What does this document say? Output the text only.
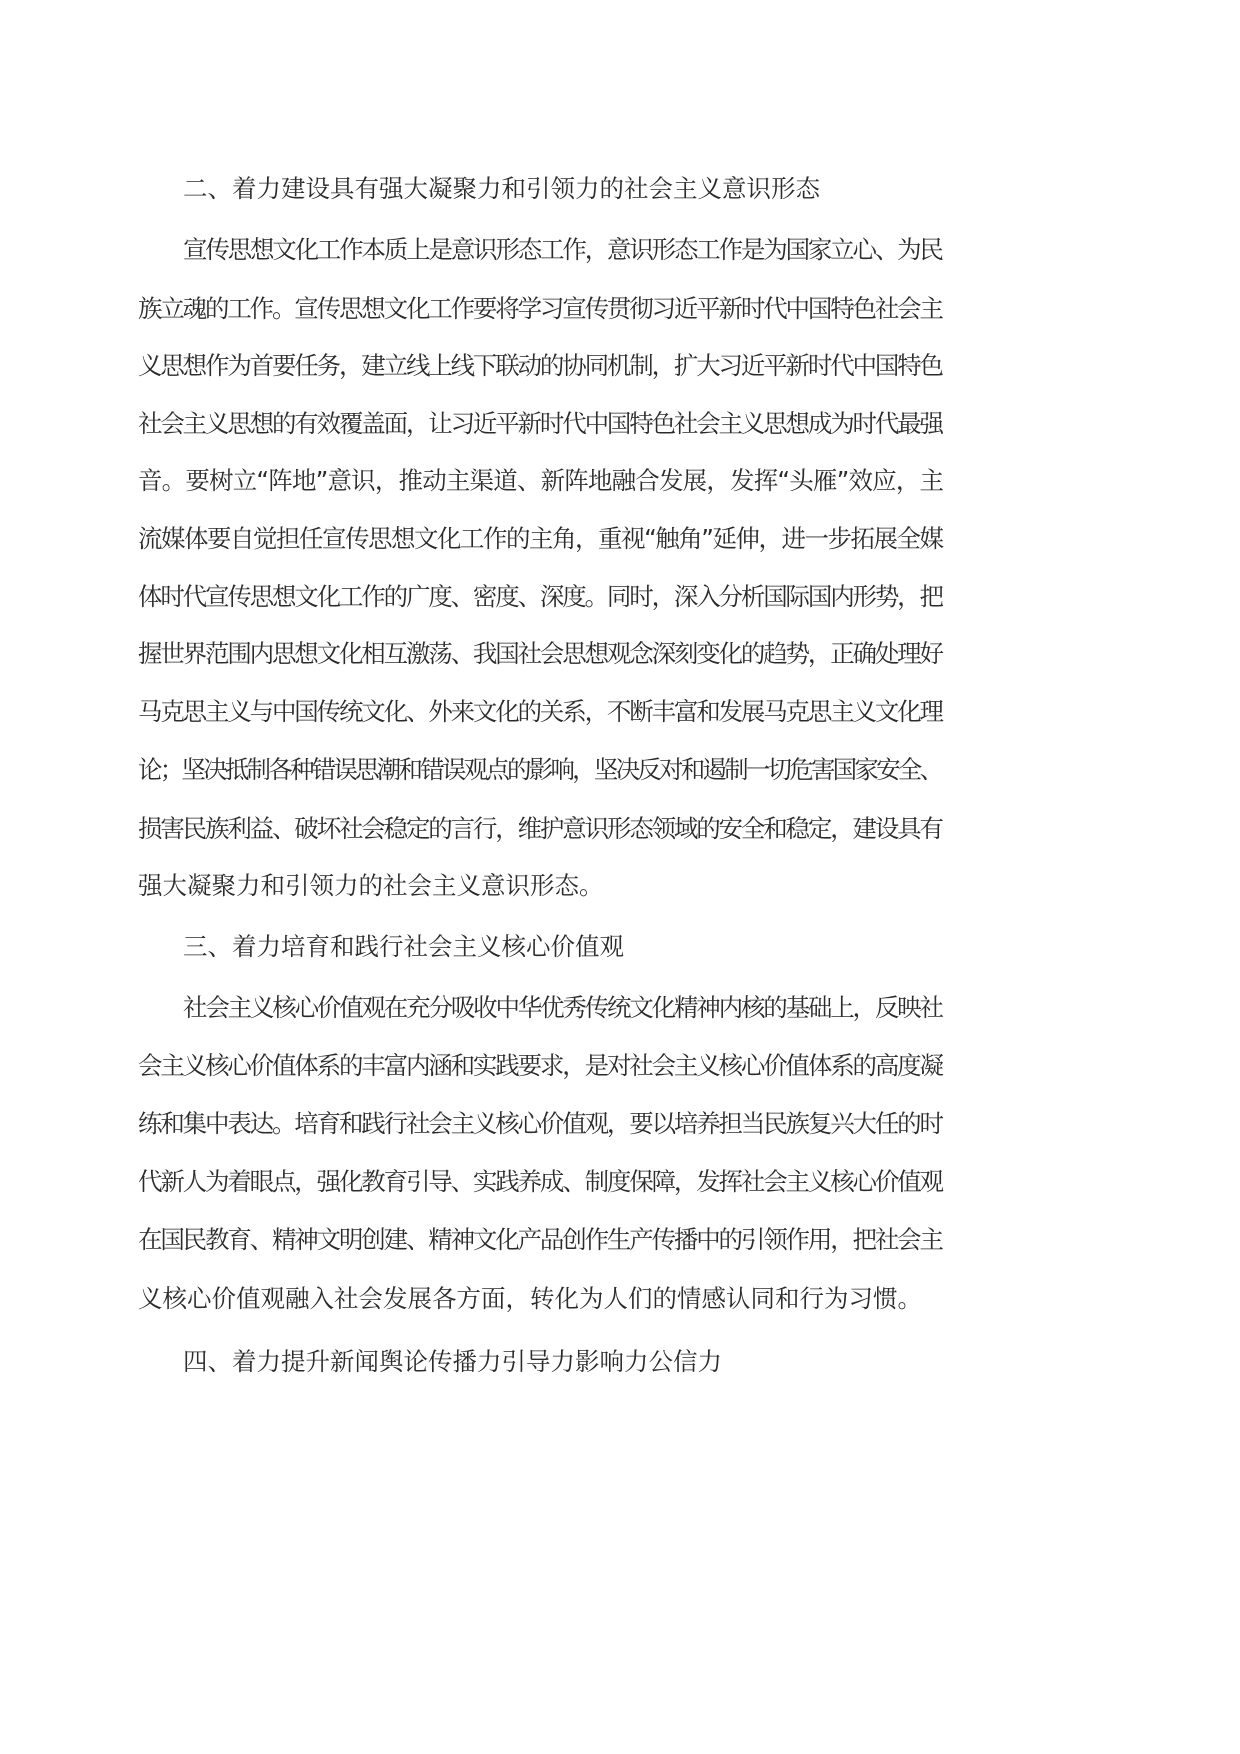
二、着力建设具有强大凝聚力和引领力的社会主义意识形态
宣传思想文化工作本质上是意识形态工作，意识形态工作是为国家立心、为民
族立魂的工作。宣传思想文化工作要将学习宣传贯彻习近平新时代中国特色社会主
义思想作为首要任务，建立线上线下联动的协同机制，扩大习近平新时代中国特色
社会主义思想的有效覆盖面，让习近平新时代中国特色社会主义思想成为时代最强
音。要树立“阵地”意识，推动主渠道、新阵地融合发展，发挥“头雁”效应，主
流媒体要自觉担任宣传思想文化工作的主角，重视“触角”延伸，进一步拓展全媒
体时代宣传思想文化工作的广度、密度、深度。同时，深入分析国际国内形势，把
握世界范围内思想文化相互激荡、我国社会思想观念深刻变化的趋势，正确处理好
马克思主义与中国传统文化、外来文化的关系，不断丰富和发展马克思主义文化理
论；坚决抵制各种错误思潮和错误观点的影响，坚决反对和遏制一切危害国家安全、
损害民族利益、破坏社会稳定的言行，维护意识形态领域的安全和稳定，建设具有
强大凝聚力和引领力的社会主义意识形态。
三、着力培育和践行社会主义核心价值观
社会主义核心价值观在充分吸收中华优秀传统文化精神内核的基础上，反映社
会主义核心价值体系的丰富内涵和实践要求，是对社会主义核心价值体系的高度凝
练和集中表达。培育和践行社会主义核心价值观，要以培养担当民族复兴大任的时
代新人为着眼点，强化教育引导、实践养成、制度保障，发挥社会主义核心价值观
在国民教育、精神文明创建、精神文化产品创作生产传播中的引领作用，把社会主
义核心价值观融入社会发展各方面，转化为人们的情感认同和行为习惯。
四、着力提升新闻舆论传播力引导力影响力公信力
